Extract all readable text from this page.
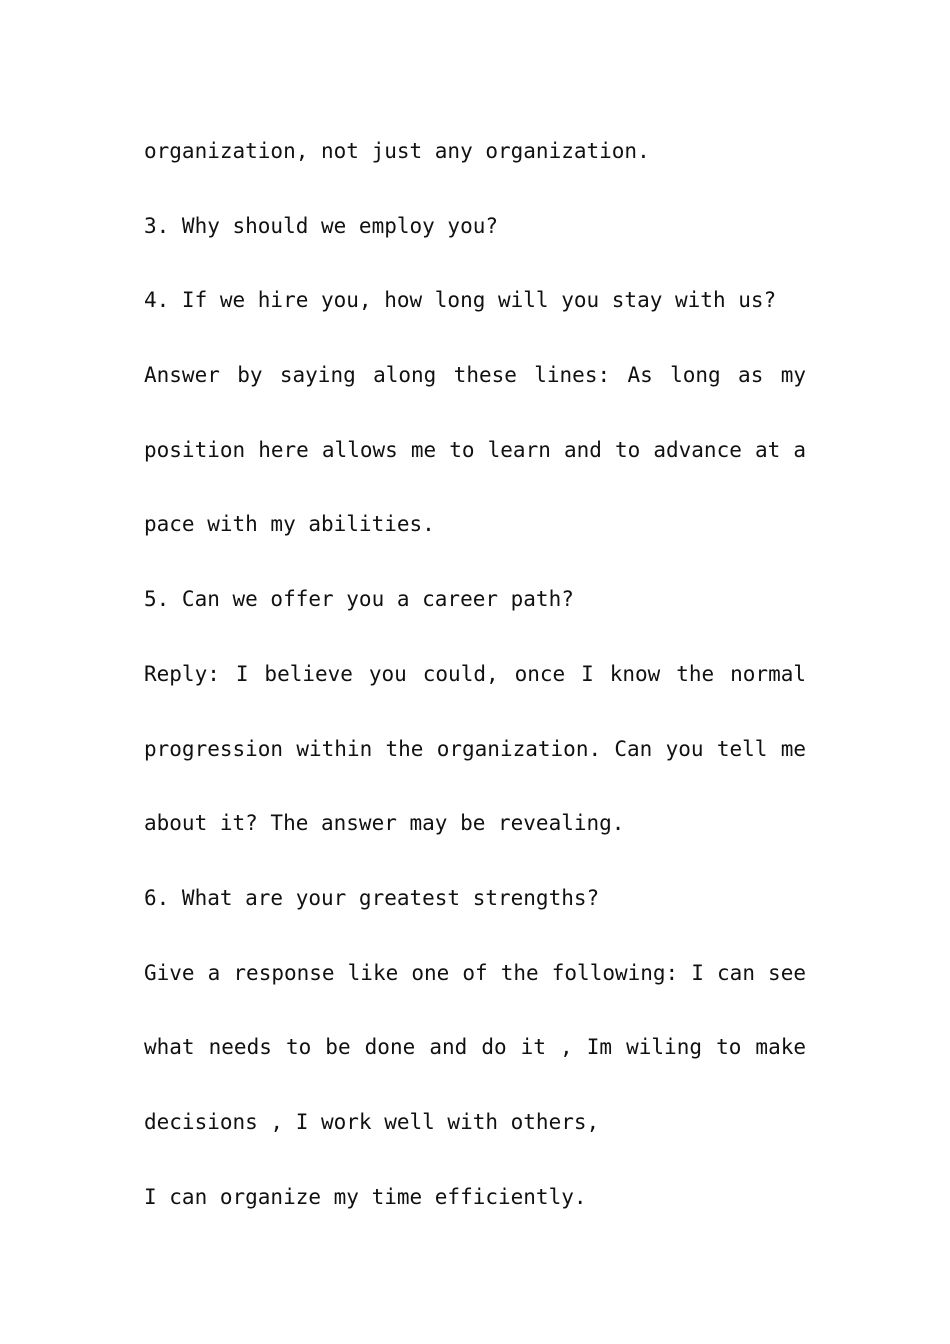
organization, not just any organization.
3. Why should we employ you?
4. If we hire you, how long will you stay with us?
Answer by saying along these lines: As long as my
position here allows me to learn and to advance at a
pace with my abilities.
5. Can we offer you a career path?
Reply: I believe you could, once I know the normal
progression within the organization. Can you tell me
about it? The answer may be revealing.
6. What are your greatest strengths?
Give a response like one of the following: I can see
what needs to be done and do it , Im wiling to make
decisions , I work well with others,
I can organize my time efficiently.
